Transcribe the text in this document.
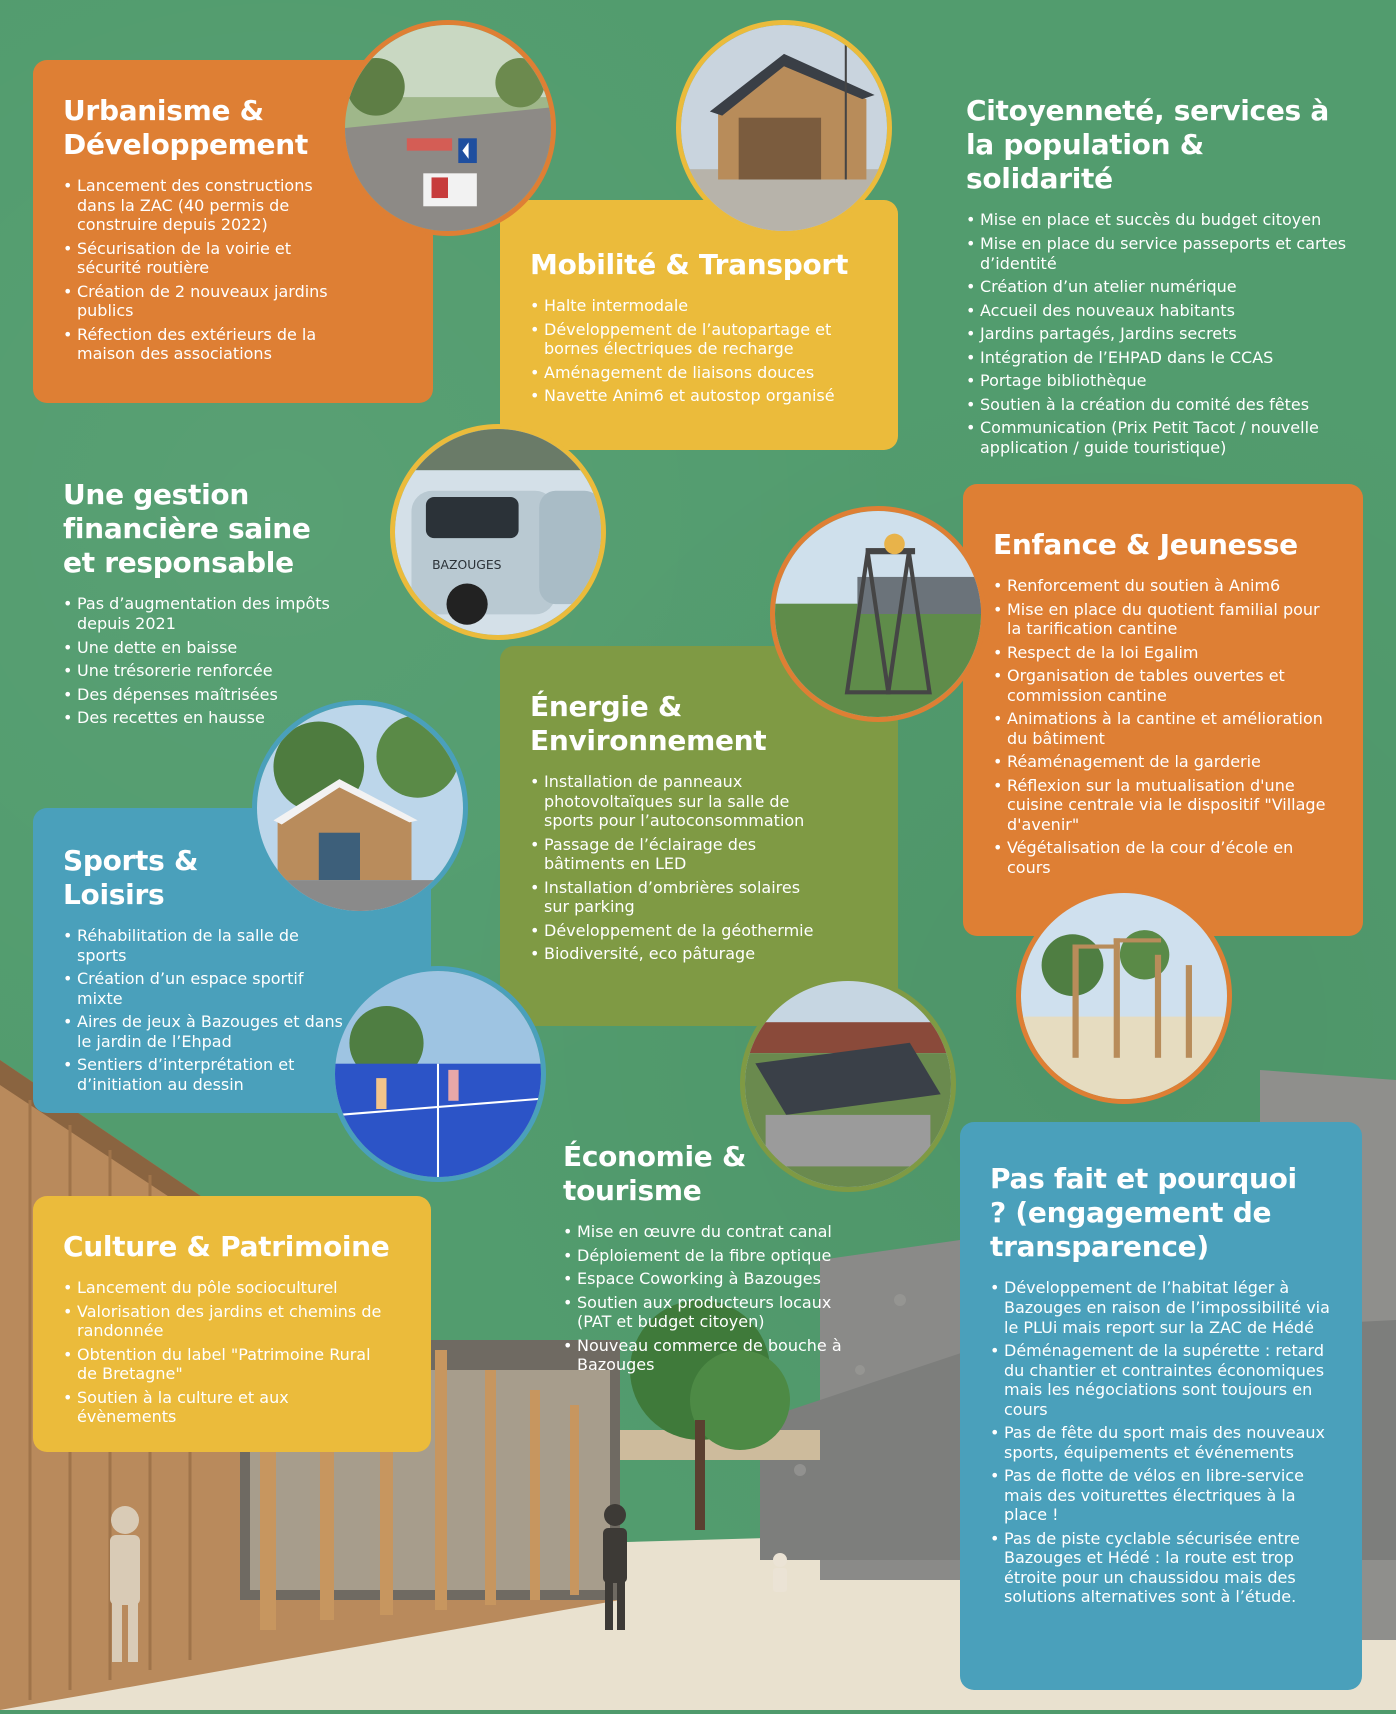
Urbanisme & Développement
• Lancement des constructions dans la ZAC (40 permis de construire depuis 2022)
• Sécurisation de la voirie et sécurité routière
• Création de 2 nouveaux jardins publics
• Réfection des extérieurs de la maison des associations
Mobilité & Transport
• Halte intermodale
• Développement de l’autopartage et bornes électriques de recharge
• Aménagement de liaisons douces
• Navette Anim6 et autostop organisé
Citoyenneté, services à la population & solidarité
• Mise en place et succès du budget citoyen
• Mise en place du service passeports et cartes d’identité
• Création d’un atelier numérique
• Accueil des nouveaux habitants
• Jardins partagés, Jardins secrets
• Intégration de l’EHPAD dans le CCAS
• Portage bibliothèque
• Soutien à la création du comité des fêtes
• Communication (Prix Petit Tacot / nouvelle application / guide touristique)
Une gestion financière saine et responsable
• Pas d’augmentation des impôts depuis 2021
• Une dette en baisse
• Une trésorerie renforcée
• Des dépenses maîtrisées
• Des recettes en hausse
Enfance & Jeunesse
• Renforcement du soutien à Anim6
• Mise en place du quotient familial pour la tarification cantine
• Respect de la loi Egalim
• Organisation de tables ouvertes et commission cantine
• Animations à la cantine et amélioration du bâtiment
• Réaménagement de la garderie
• Réflexion sur la mutualisation d'une cuisine centrale via le dispositif "Village d'avenir"
• Végétalisation de la cour d’école en cours
Énergie & Environnement
• Installation de panneaux photovoltaïques sur la salle de sports pour l’autoconsommation
• Passage de l’éclairage des bâtiments en LED
• Installation d’ombrières solaires sur parking
• Développement de la géothermie
• Biodiversité, eco pâturage
Sports & Loisirs
• Réhabilitation de la salle de sports
• Création d’un espace sportif mixte
• Aires de jeux à Bazouges et dans le jardin de l’Ehpad
• Sentiers d’interprétation et d’initiation au dessin
Économie & tourisme
• Mise en œuvre du contrat canal
• Déploiement de la fibre optique
• Espace Coworking à Bazouges
• Soutien aux producteurs locaux (PAT et budget citoyen)
• Nouveau commerce de bouche à Bazouges
Culture & Patrimoine
• Lancement du pôle socioculturel
• Valorisation des jardins et chemins de randonnée
• Obtention du label "Patrimoine Rural de Bretagne"
• Soutien à la culture et aux évènements
Pas fait et pourquoi ? (engagement de transparence)
• Développement de l’habitat léger à Bazouges en raison de l’impossibilité via le PLUi mais report sur la ZAC de Hédé
• Déménagement de la supérette : retard du chantier et contraintes économiques mais les négociations sont toujours en cours
• Pas de fête du sport mais des nouveaux sports, équipements et événements
• Pas de flotte de vélos en libre-service mais des voiturettes électriques à la place !
• Pas de piste cyclable sécurisée entre Bazouges et Hédé : la route est trop étroite pour un chaussidou mais des solutions alternatives sont à l’étude.
BAZOUGES
